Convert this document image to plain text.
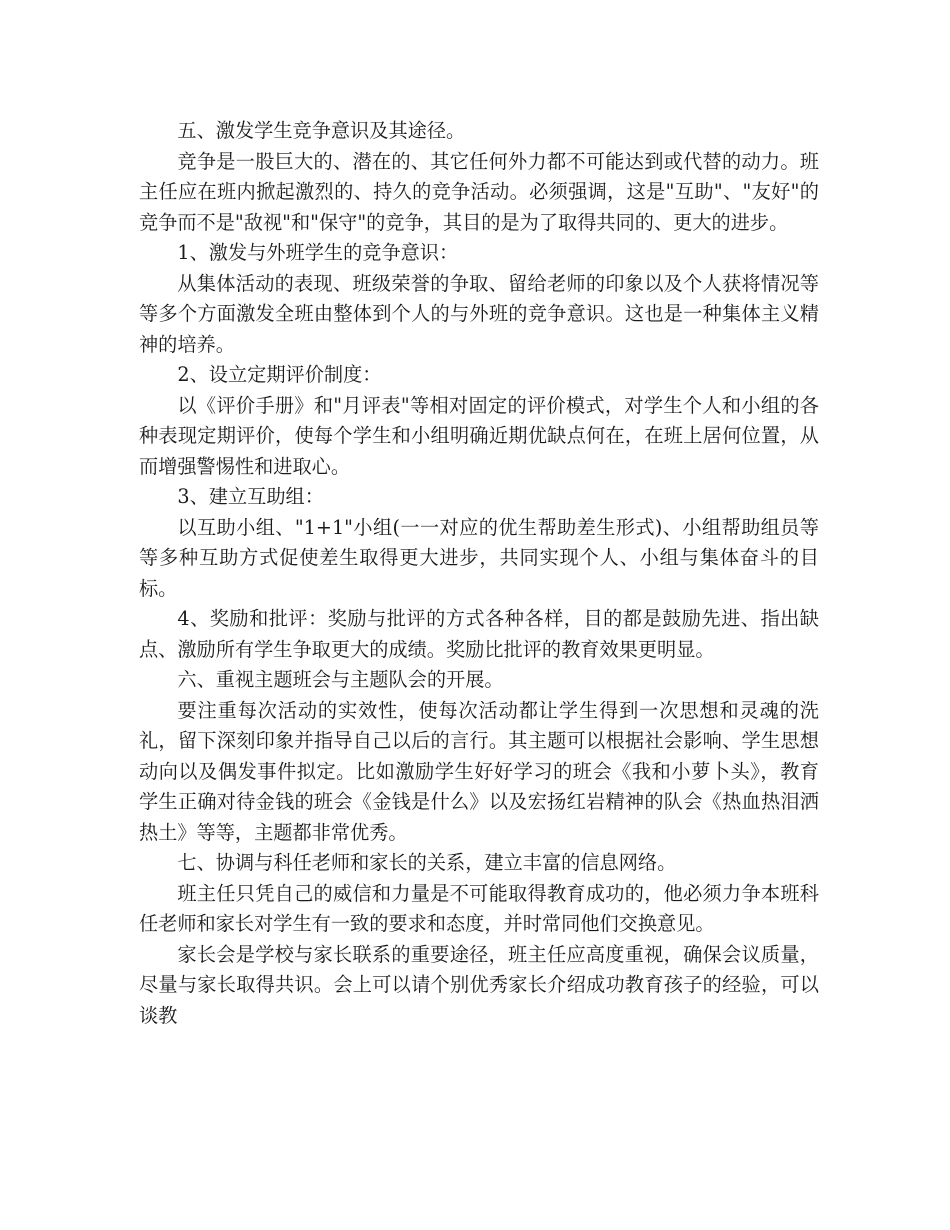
五、激发学生竞争意识及其途径。

竞争是一股巨大的、潜在的、其它任何外力都不可能达到或代替的动力。班主任应在班内掀起激烈的、持久的竞争活动。必须强调，这是"互助"、"友好"的竞争而不是"敌视"和"保守"的竞争，其目的是为了取得共同的、更大的进步。

1、激发与外班学生的竞争意识：

从集体活动的表现、班级荣誉的争取、留给老师的印象以及个人获将情况等等多个方面激发全班由整体到个人的与外班的竞争意识。这也是一种集体主义精神的培养。

2、设立定期评价制度：

以《评价手册》和"月评表"等相对固定的评价模式，对学生个人和小组的各种表现定期评价，使每个学生和小组明确近期优缺点何在，在班上居何位置，从而增强警惕性和进取心。

3、建立互助组：

以互助小组、"1+1"小组(一一对应的优生帮助差生形式)、小组帮助组员等等多种互助方式促使差生取得更大进步，共同实现个人、小组与集体奋斗的目标。

4、奖励和批评：奖励与批评的方式各种各样，目的都是鼓励先进、指出缺点、激励所有学生争取更大的成绩。奖励比批评的教育效果更明显。

六、重视主题班会与主题队会的开展。

要注重每次活动的实效性，使每次活动都让学生得到一次思想和灵魂的洗礼，留下深刻印象并指导自己以后的言行。其主题可以根据社会影响、学生思想动向以及偶发事件拟定。比如激励学生好好学习的班会《我和小萝卜头》，教育学生正确对待金钱的班会《金钱是什么》以及宏扬红岩精神的队会《热血热泪洒热土》等等，主题都非常优秀。

七、协调与科任老师和家长的关系，建立丰富的信息网络。

班主任只凭自己的威信和力量是不可能取得教育成功的，他必须力争本班科任老师和家长对学生有一致的要求和态度，并时常同他们交换意见。

家长会是学校与家长联系的重要途径，班主任应高度重视，确保会议质量，尽量与家长取得共识。会上可以请个别优秀家长介绍成功教育孩子的经验，可以谈教
